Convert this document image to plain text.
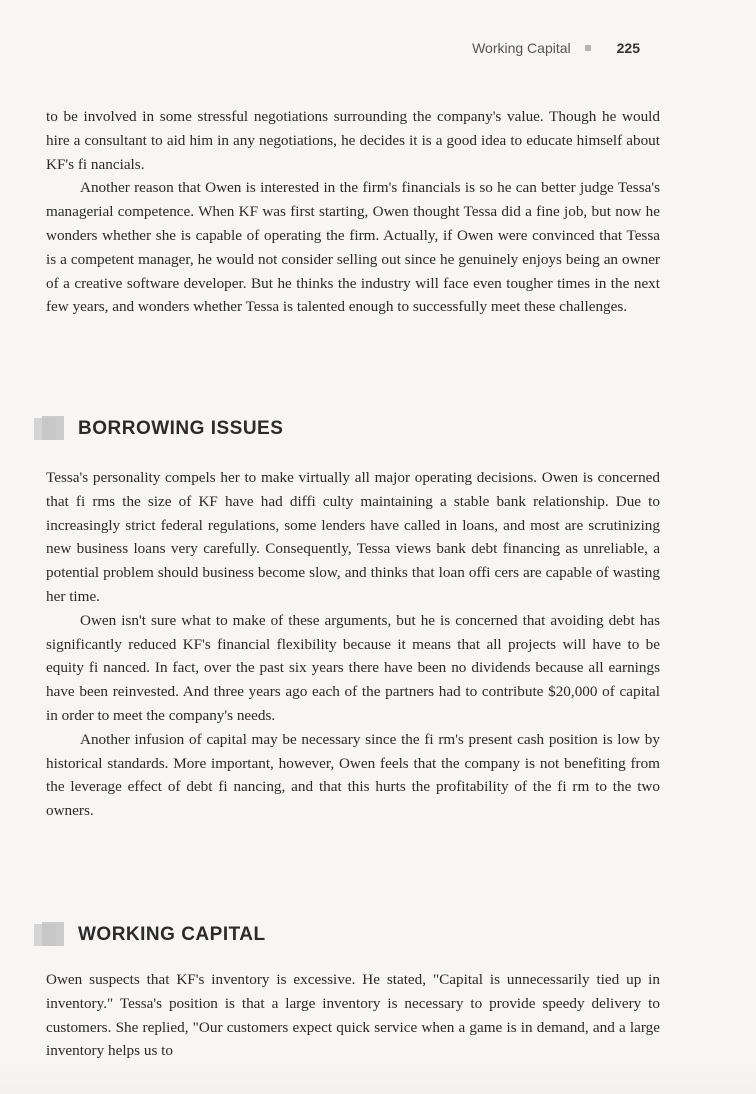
Working Capital	225

to be involved in some stressful negotiations surrounding the company's value. Though he would hire a consultant to aid him in any negotiations, he decides it is a good idea to educate himself about KF's fi nancials.

Another reason that Owen is interested in the firm's financials is so he can better judge Tessa's managerial competence. When KF was first starting, Owen thought Tessa did a fine job, but now he wonders whether she is capable of operating the firm. Actually, if Owen were convinced that Tessa is a competent manager, he would not consider selling out since he genuinely enjoys being an owner of a creative software developer. But he thinks the industry will face even tougher times in the next few years, and wonders whether Tessa is talented enough to successfully meet these challenges.

BORROWING ISSUES

Tessa's personality compels her to make virtually all major operating decisions. Owen is concerned that fi rms the size of KF have had diffi culty maintaining a stable bank relationship. Due to increasingly strict federal regulations, some lenders have called in loans, and most are scrutinizing new business loans very carefully. Consequently, Tessa views bank debt financing as unreliable, a potential problem should business become slow, and thinks that loan offi cers are capable of wasting her time.

Owen isn't sure what to make of these arguments, but he is concerned that avoiding debt has significantly reduced KF's financial flexibility because it means that all projects will have to be equity fi nanced. In fact, over the past six years there have been no dividends because all earnings have been reinvested. And three years ago each of the partners had to contribute $20,000 of capital in order to meet the company's needs.

Another infusion of capital may be necessary since the fi rm's present cash position is low by historical standards. More important, however, Owen feels that the company is not benefiting from the leverage effect of debt fi nancing, and that this hurts the profitability of the fi rm to the two owners.

WORKING CAPITAL

Owen suspects that KF's inventory is excessive. He stated, "Capital is unnecessarily tied up in inventory." Tessa's position is that a large inventory is necessary to provide speedy delivery to customers. She replied, "Our customers expect quick service when a game is in demand, and a large inventory helps us to
